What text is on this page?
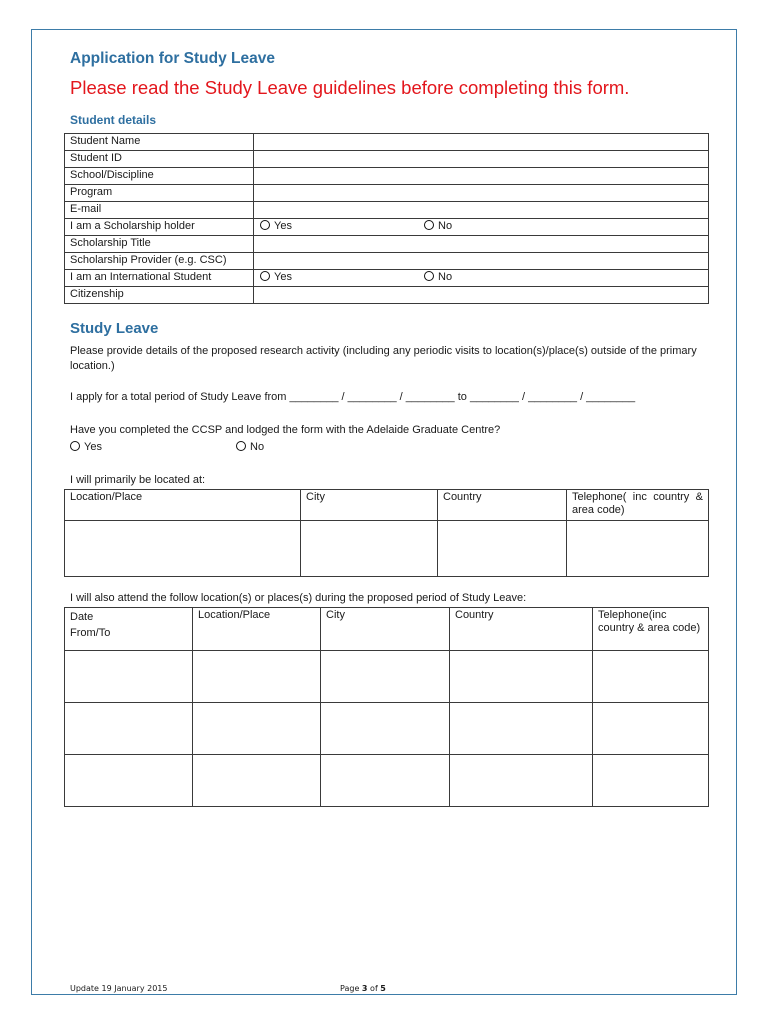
Application for Study Leave
Please read the Study Leave guidelines before completing this form.
Student details
Student Name	
Student ID	
School/Discipline	
Program	
E-mail	
I am a Scholarship holder	Yes No

Scholarship Title	
Scholarship Provider (e.g. CSC)	
I am an International Student	Yes No

Citizenship	
Study Leave
Please provide details of the proposed research activity (including any periodic visits to location(s)/place(s) outside of the primary location.)
I apply for a total period of Study Leave from ________ / ________ / ________ to ________ / ________ / ________
Have you completed the CCSP and lodged the form with the Adelaide Graduate Centre?
Yes	No
I will primarily be located at:
Location/Place	City	Country	Telephone( inc country & area code)

I will also attend the follow location(s) or places(s) during the proposed period of Study Leave:
Date
From/To	Location/Place	City	Country	Telephone(inc country & area code)

Update 19 January 2015	Page 3 of 5
